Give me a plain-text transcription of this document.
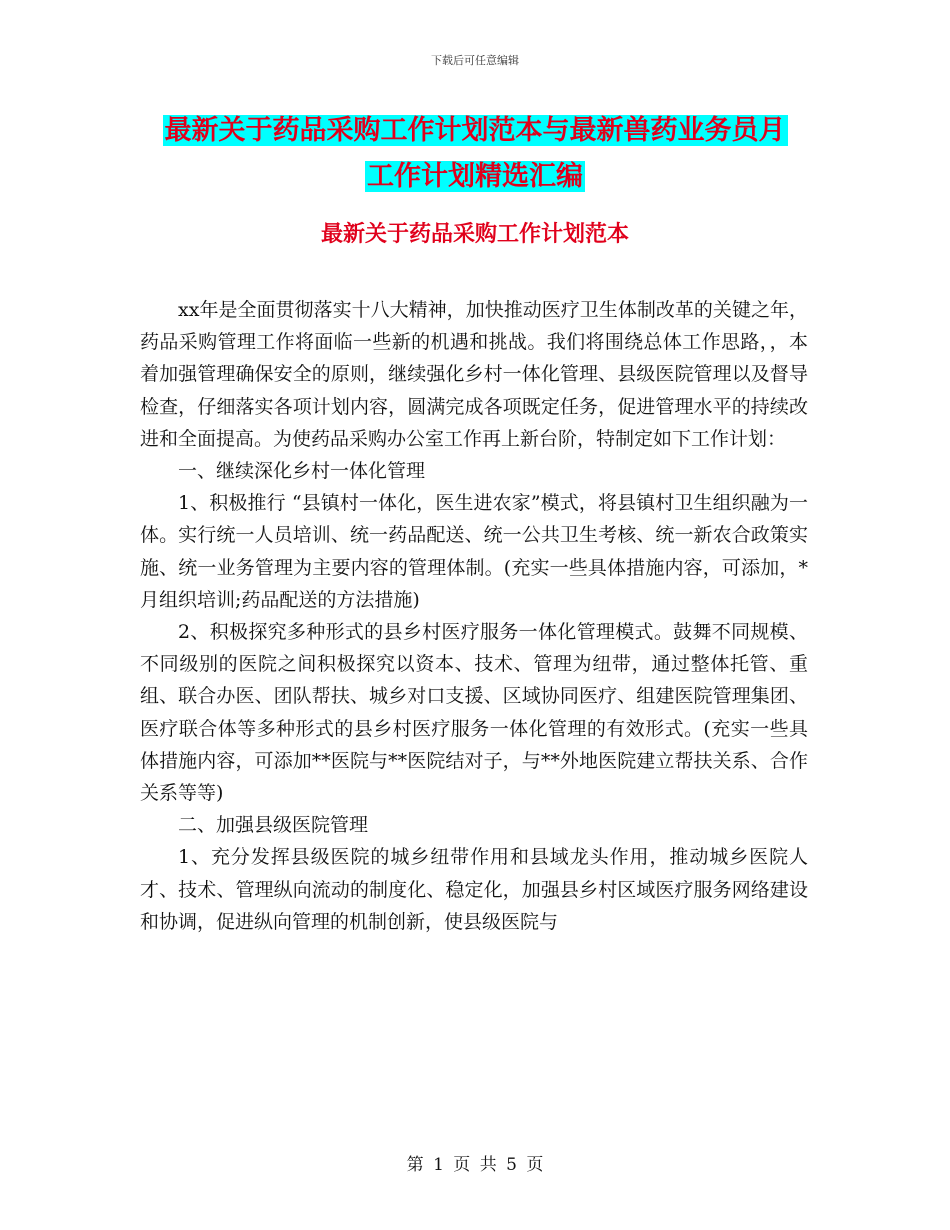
下载后可任意编辑
最新关于药品采购工作计划范本与最新兽药业务员月
工作计划精选汇编
最新关于药品采购工作计划范本

xx年是全面贯彻落实十八大精神，加快推动医疗卫生体制改革的关键之年，药品采购管理工作将面临一些新的机遇和挑战。我们将围绕总体工作思路，，本着加强管理确保安全的原则，继续强化乡村一体化管理、县级医院管理以及督导检查，仔细落实各项计划内容，圆满完成各项既定任务，促进管理水平的持续改进和全面提高。为使药品采购办公室工作再上新台阶，特制定如下工作计划：

一、继续深化乡村一体化管理

1、积极推行 “县镇村一体化，医生进农家”模式，将县镇村卫生组织融为一体。实行统一人员培训、统一药品配送、统一公共卫生考核、统一新农合政策实施、统一业务管理为主要内容的管理体制。(充实一些具体措施内容，可添加，*月组织培训;药品配送的方法措施)

2、积极探究多种形式的县乡村医疗服务一体化管理模式。鼓舞不同规模、不同级别的医院之间积极探究以资本、技术、管理为纽带，通过整体托管、重组、联合办医、团队帮扶、城乡对口支援、区域协同医疗、组建医院管理集团、医疗联合体等多种形式的县乡村医疗服务一体化管理的有效形式。(充实一些具体措施内容，可添加**医院与**医院结对子，与**外地医院建立帮扶关系、合作关系等等)

二、加强县级医院管理

1、充分发挥县级医院的城乡纽带作用和县域龙头作用，推动城乡医院人才、技术、管理纵向流动的制度化、稳定化，加强县乡村区域医疗服务网络建设和协调，促进纵向管理的机制创新，使县级医院与

第 1 页 共 5 页
